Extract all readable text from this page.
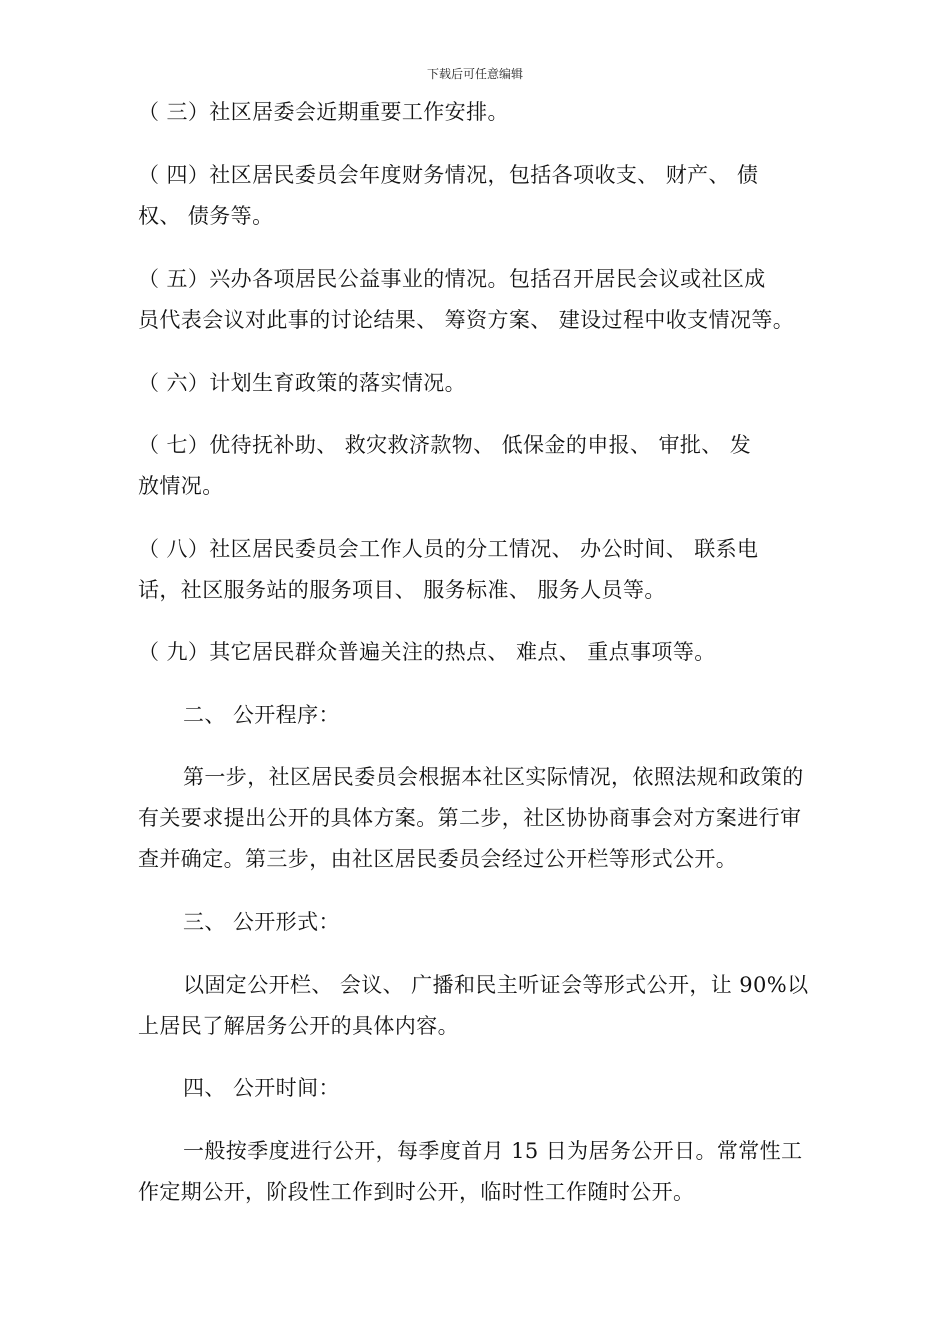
下载后可任意编辑
（ 三）社区居委会近期重要工作安排。
（ 四）社区居民委员会年度财务情况，包括各项收支、 财产、 债
权、 债务等。
（ 五）兴办各项居民公益事业的情况。包括召开居民会议或社区成
员代表会议对此事的讨论结果、 筹资方案、 建设过程中收支情况等。
（ 六）计划生育政策的落实情况。
（ 七）优待抚补助、 救灾救济款物、 低保金的申报、 审批、 发
放情况。
（ 八）社区居民委员会工作人员的分工情况、 办公时间、 联系电
话，社区服务站的服务项目、 服务标准、 服务人员等。
（ 九）其它居民群众普遍关注的热点、 难点、 重点事项等。
二、 公开程序：
第一步，社区居民委员会根据本社区实际情况，依照法规和政策的
有关要求提出公开的具体方案。第二步，社区协协商事会对方案进行审
查并确定。第三步，由社区居民委员会经过公开栏等形式公开。
三、 公开形式：
以固定公开栏、 会议、 广播和民主听证会等形式公开，让 90%以
上居民了解居务公开的具体内容。
四、 公开时间：
一般按季度进行公开，每季度首月 15 日为居务公开日。常常性工
作定期公开，阶段性工作到时公开，临时性工作随时公开。
